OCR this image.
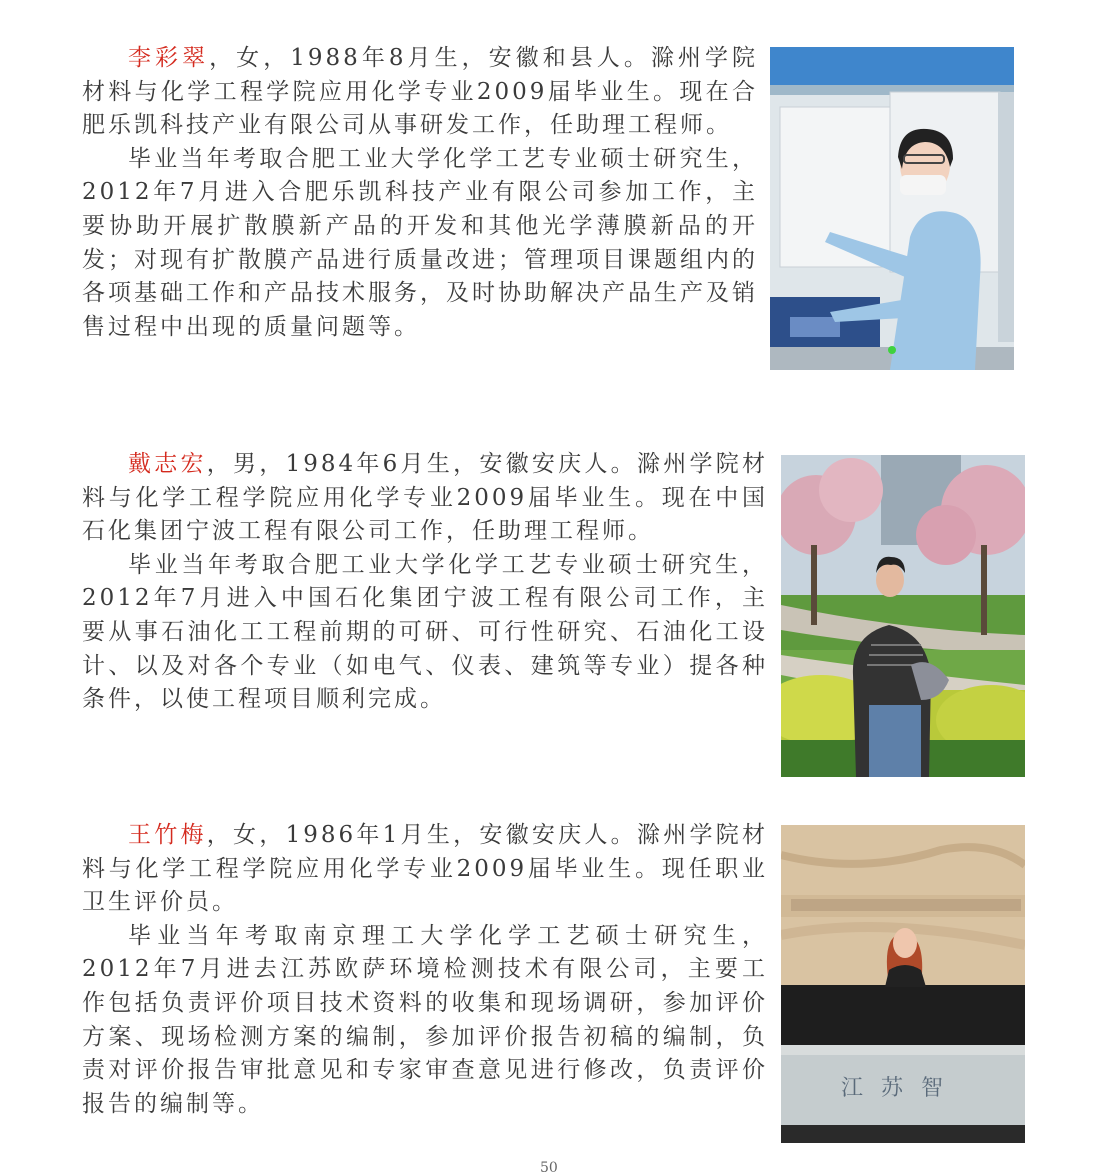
李彩翠，女，1988年8月生，安徽和县人。滁州学院材料与化学工程学院应用化学专业2009届毕业生。现在合肥乐凯科技产业有限公司从事研发工作，任助理工程师。

毕业当年考取合肥工业大学化学工艺专业硕士研究生， 2012年7月进入合肥乐凯科技产业有限公司参加工作，主要协助开展扩散膜新产品的开发和其他光学薄膜新品的开发；对现有扩散膜产品进行质量改进；管理项目课题组内的各项基础工作和产品技术服务，及时协助解决产品生产及销售过程中出现的质量问题等。

戴志宏，男，1984年6月生，安徽安庆人。滁州学院材料与化学工程学院应用化学专业2009届毕业生。现在中国石化集团宁波工程有限公司工作，任助理工程师。

毕业当年考取合肥工业大学化学工艺专业硕士研究生，2012年7月进入中国石化集团宁波工程有限公司工作，主要从事石油化工工程前期的可研、可行性研究、石油化工设计、以及对各个专业（如电气、仪表、建筑等专业）提各种条件，以使工程项目顺利完成。

王竹梅，女，1986年1月生，安徽安庆人。滁州学院材料与化学工程学院应用化学专业2009届毕业生。现任职业卫生评价员。

毕业当年考取南京理工大学化学工艺硕士研究生，2012年7月进去江苏欧萨环境检测技术有限公司，主要工作包括负责评价项目技术资料的收集和现场调研，参加评价方案、现场检测方案的编制，参加评价报告初稿的编制，负责对评价报告审批意见和专家审查意见进行修改，负责评价报告的编制等。

江苏智
50
